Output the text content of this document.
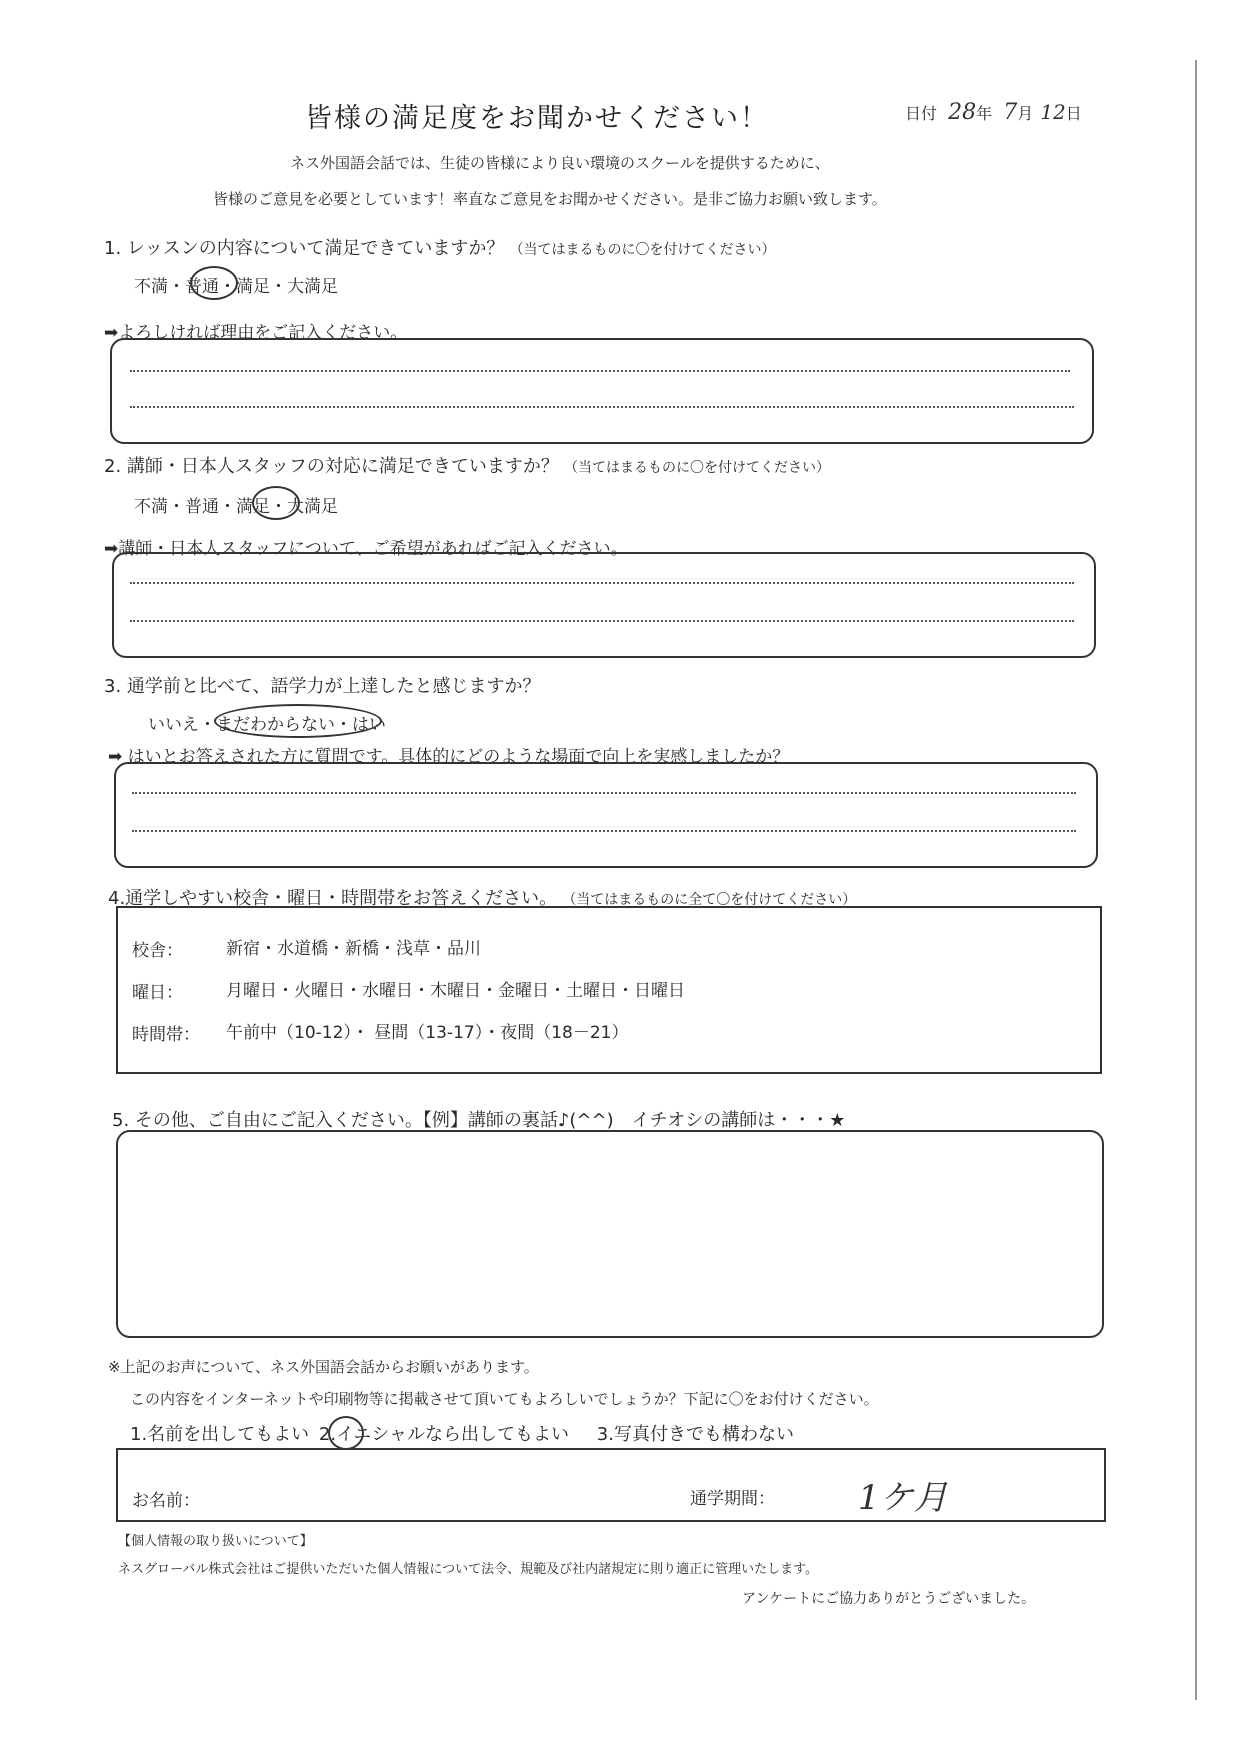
皆様の満足度をお聞かせください！	日付 28年 7月 12日
ネス外国語会話では、生徒の皆様により良い環境のスクールを提供するために、
皆様のご意見を必要としています！率直なご意見をお聞かせください。是非ご協力お願い致します。
1. レッスンの内容について満足できていますか？ （当てはまるものに〇を付けてください）
不満・普通・満足・大満足
➡よろしければ理由をご記入ください。
2. 講師・日本人スタッフの対応に満足できていますか？ （当てはまるものに〇を付けてください）
不満・普通・満足・大満足
➡講師・日本人スタッフについて、ご希望があればご記入ください。
3. 通学前と比べて、語学力が上達したと感じますか？
いいえ・まだわからない・はい
➡ はいとお答えされた方に質問です。具体的にどのような場面で向上を実感しましたか？
4.通学しやすい校舎・曜日・時間帯をお答えください。 （当てはまるものに全て〇を付けてください）
校舎：	新宿・水道橋・新橋・浅草・品川
曜日：	月曜日・火曜日・水曜日・木曜日・金曜日・土曜日・日曜日
時間帯： 午前中（10-12）・ 昼間（13-17）・夜間（18－21）
5. その他、ご自由にご記入ください。【例】講師の裏話♪(^^)　イチオシの講師は・・・★
※上記のお声について、ネス外国語会話からお願いがあります。
この内容をインターネットや印刷物等に掲載させて頂いてもよろしいでしょうか？下記に〇をお付けください。
1.名前を出してもよい 2.イニシャルなら出してもよい 3.写真付きでも構わない
お名前：	通学期間： 1ケ月
【個人情報の取り扱いについて】
ネスグローバル株式会社はご提供いただいた個人情報について法令、規範及び社内諸規定に則り適正に管理いたします。
アンケートにご協力ありがとうございました。
